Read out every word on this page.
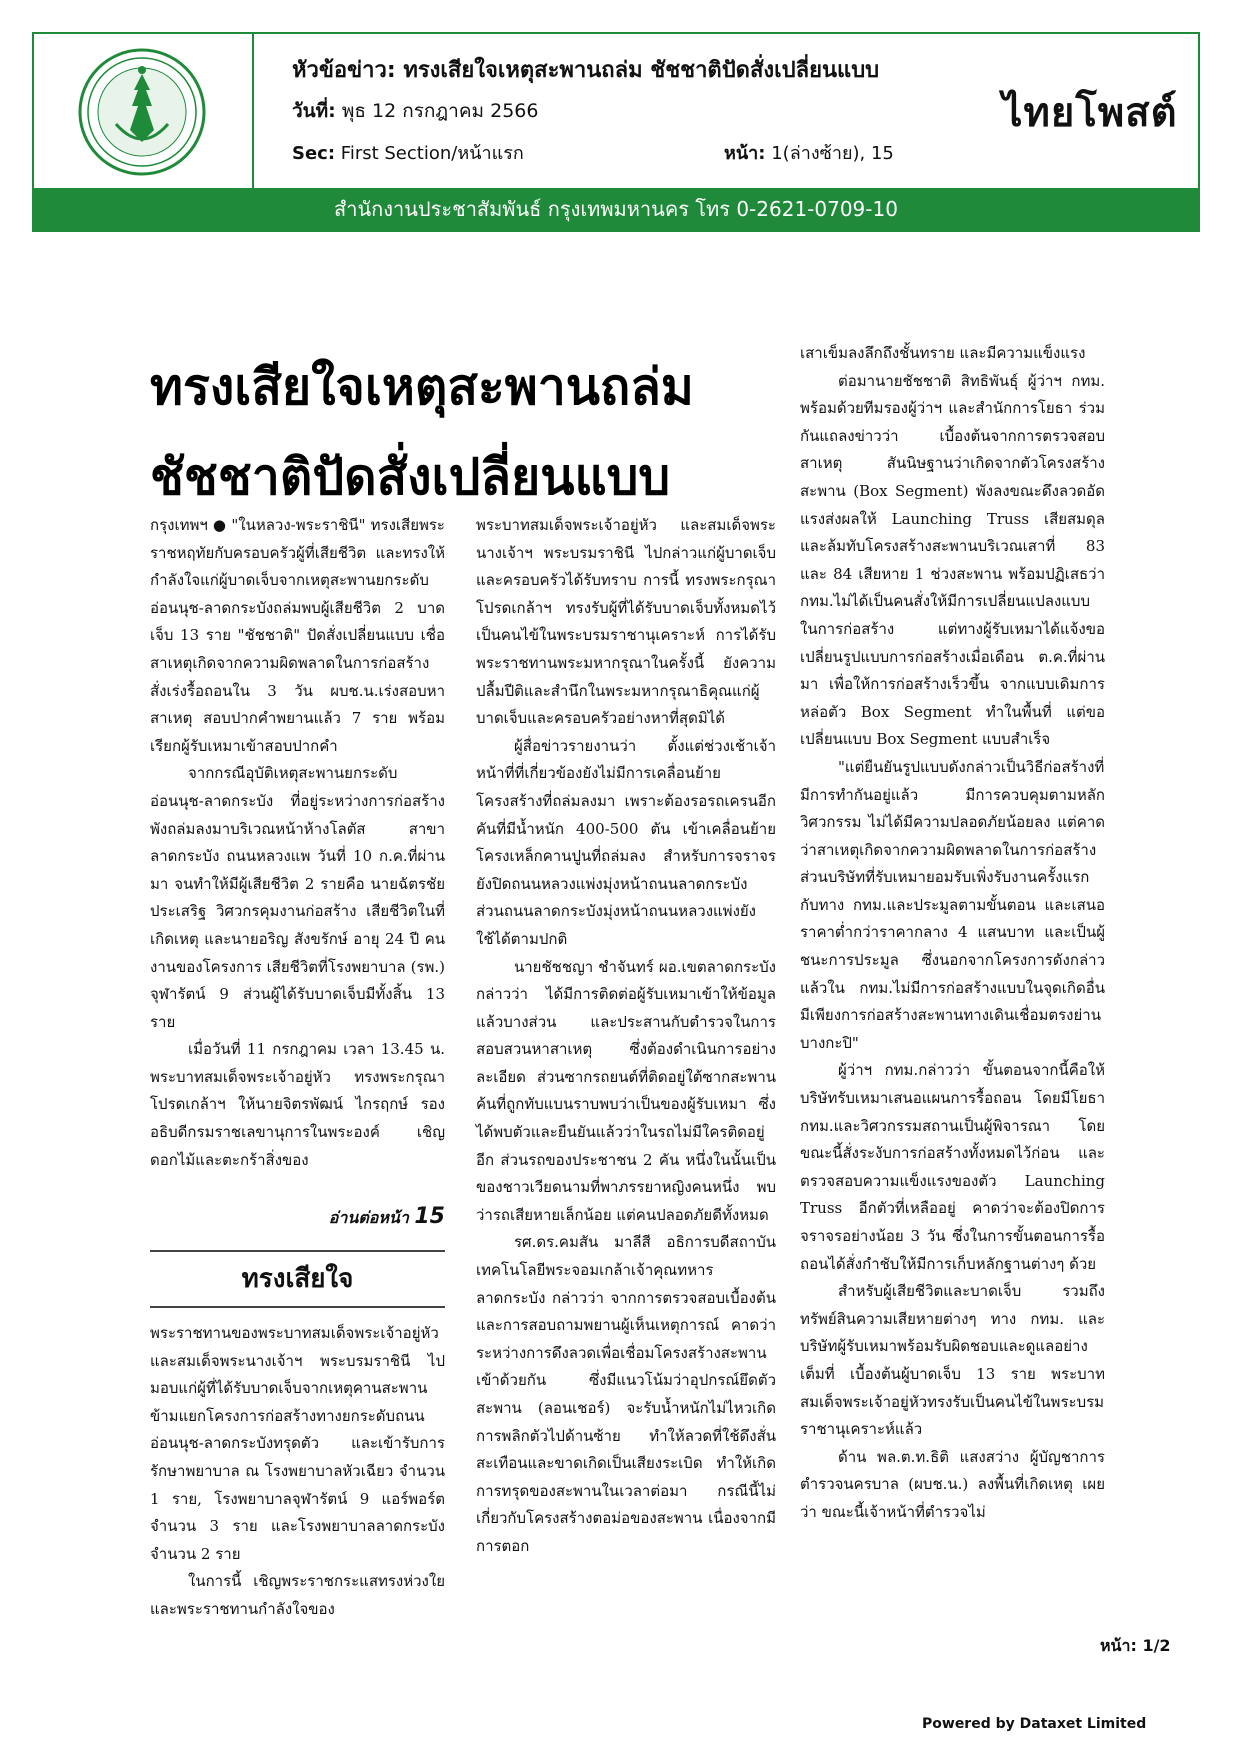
หัวข้อข่าว: ทรงเสียใจเหตุสะพานถล่ม ชัชชาติปัดสั่งเปลี่ยนแบบ
วันที่: พุธ 12 กรกฎาคม 2566
Sec: First Section/หน้าแรก	หน้า: 1(ล่างซ้าย), 15
ไทยโพสต์
สำนักงานประชาสัมพันธ์ กรุงเทพมหานคร โทร 0-2621-0709-10
ทรงเสียใจเหตุสะพานถล่ม
ชัชชาติปัดสั่งเปลี่ยนแบบ

กรุงเทพฯ ● "ในหลวง-พระราชินี" ทรงเสียพระราชหฤทัยกับครอบครัวผู้ที่เสียชีวิต และทรงให้กำลังใจแก่ผู้บาดเจ็บจากเหตุสะพานยกระดับอ่อนนุช-ลาดกระบังถล่มพบผู้เสียชีวิต 2 บาดเจ็บ 13 ราย "ชัชชาติ" ปัดสั่งเปลี่ยนแบบ เชื่อสาเหตุเกิดจากความผิดพลาดในการก่อสร้าง สั่งเร่งรื้อถอนใน 3 วัน ผบช.น.เร่งสอบหาสาเหตุ สอบปากคำพยานแล้ว 7 ราย พร้อมเรียกผู้รับเหมาเข้าสอบปากคำ

จากกรณีอุบัติเหตุสะพานยกระดับอ่อนนุช-ลาดกระบัง ที่อยู่ระหว่างการก่อสร้างพังถล่มลงมาบริเวณหน้าห้างโลตัส สาขาลาดกระบัง ถนนหลวงแพ วันที่ 10 ก.ค.ที่ผ่านมา จนทำให้มีผู้เสียชีวิต 2 รายคือ นายฉัตรชัย ประเสริฐ วิศวกรคุมงานก่อสร้าง เสียชีวิตในที่เกิดเหตุ และนายอริญ สังขรักษ์ อายุ 24 ปี คนงานของโครงการ เสียชีวิตที่โรงพยาบาล (รพ.) จุฬารัตน์ 9 ส่วนผู้ได้รับบาดเจ็บมีทั้งสิ้น 13 ราย

เมื่อวันที่ 11 กรกฎาคม เวลา 13.45 น. พระบาทสมเด็จพระเจ้าอยู่หัว ทรงพระกรุณาโปรดเกล้าฯ ให้นายจิตรพัฒน์ ไกรฤกษ์ รองอธิบดีกรมราชเลขานุการในพระองค์ เชิญดอกไม้และตะกร้าสิ่งของ

อ่านต่อหน้า 15
ทรงเสียใจ

พระราชทานของพระบาทสมเด็จพระเจ้าอยู่หัว และสมเด็จพระนางเจ้าฯ พระบรมราชินี ไปมอบแก่ผู้ที่ได้รับบาดเจ็บจากเหตุคานสะพานข้ามแยกโครงการก่อสร้างทางยกระดับถนนอ่อนนุช-ลาดกระบังทรุดตัว และเข้ารับการรักษาพยาบาล ณ โรงพยาบาลหัวเฉียว จำนวน 1 ราย, โรงพยาบาลจุฬารัตน์ 9 แอร์พอร์ต จำนวน 3 ราย และโรงพยาบาลลาดกระบัง จำนวน 2 ราย

ในการนี้ เชิญพระราชกระแสทรงห่วงใย และพระราชทานกำลังใจของ

พระบาทสมเด็จพระเจ้าอยู่หัว และสมเด็จพระนางเจ้าฯ พระบรมราชินี ไปกล่าวแก่ผู้บาดเจ็บและครอบครัวได้รับทราบ การนี้ ทรงพระกรุณาโปรดเกล้าฯ ทรงรับผู้ที่ได้รับบาดเจ็บทั้งหมดไว้เป็นคนไข้ในพระบรมราชานุเคราะห์ การได้รับพระราชทานพระมหากรุณาในครั้งนี้ ยังความปลื้มปีติและสำนึกในพระมหากรุณาธิคุณแก่ผู้บาดเจ็บและครอบครัวอย่างหาที่สุดมิได้

ผู้สื่อข่าวรายงานว่า ตั้งแต่ช่วงเช้าเจ้าหน้าที่ที่เกี่ยวข้องยังไม่มีการเคลื่อนย้ายโครงสร้างที่ถล่มลงมา เพราะต้องรอรถเครนอีกคันที่มีน้ำหนัก 400-500 ตัน เข้าเคลื่อนย้ายโครงเหล็กคานปูนที่ถล่มลง สำหรับการจราจรยังปิดถนนหลวงแพ่งมุ่งหน้าถนนลาดกระบัง ส่วนถนนลาดกระบังมุ่งหน้าถนนหลวงแพ่งยังใช้ได้ตามปกติ

นายชัชชญา ชำจันทร์ ผอ.เขตลาดกระบัง กล่าวว่า ได้มีการติดต่อผู้รับเหมาเข้าให้ข้อมูลแล้วบางส่วน และประสานกับตำรวจในการสอบสวนหาสาเหตุ ซึ่งต้องดำเนินการอย่างละเอียด ส่วนซากรถยนต์ที่ติดอยู่ใต้ซากสะพาน ค้นที่ถูกทับแบนราบพบว่าเป็นของผู้รับเหมา ซึ่งได้พบตัวและยืนยันแล้วว่าในรถไม่มีใครติดอยู่อีก ส่วนรถของประชาชน 2 คัน หนึ่งในนั้นเป็นของชาวเวียดนามที่พาภรรยาหญิงคนหนึ่ง พบว่ารถเสียหายเล็กน้อย แต่คนปลอดภัยดีทั้งหมด

รศ.ดร.คมสัน มาลีสี อธิการบดีสถาบันเทคโนโลยีพระจอมเกล้าเจ้าคุณทหารลาดกระบัง กล่าวว่า จากการตรวจสอบเบื้องต้น และการสอบถามพยานผู้เห็นเหตุการณ์ คาดว่าระหว่างการดึงลวดเพื่อเชื่อมโครงสร้างสะพานเข้าด้วยกัน ซึ่งมีแนวโน้มว่าอุปกรณ์ยึดตัวสะพาน (ลอนเชอร์) จะรับน้ำหนักไม่ไหวเกิดการพลิกตัวไปด้านซ้าย ทำให้ลวดที่ใช้ดึงสั่นสะเทือนและขาดเกิดเป็นเสียงระเบิด ทำให้เกิดการทรุดของสะพานในเวลาต่อมา กรณีนี้ไม่เกี่ยวกับโครงสร้างตอม่อของสะพาน เนื่องจากมีการตอก

เสาเข็มลงลึกถึงชั้นทราย และมีความแข็งแรง

ต่อมานายชัชชาติ สิทธิพันธุ์ ผู้ว่าฯ กทม. พร้อมด้วยทีมรองผู้ว่าฯ และสำนักการโยธา ร่วมกันแถลงข่าวว่า เบื้องต้นจากการตรวจสอบสาเหตุ สันนิษฐานว่าเกิดจากตัวโครงสร้างสะพาน (Box Segment) พังลงขณะดึงลวดอัดแรงส่งผลให้ Launching Truss เสียสมดุล และล้มทับโครงสร้างสะพานบริเวณเสาที่ 83 และ 84 เสียหาย 1 ช่วงสะพาน พร้อมปฏิเสธว่า กทม.ไม่ได้เป็นคนสั่งให้มีการเปลี่ยนแปลงแบบในการก่อสร้าง แต่ทางผู้รับเหมาได้แจ้งขอเปลี่ยนรูปแบบการก่อสร้างเมื่อเดือน ต.ค.ที่ผ่านมา เพื่อให้การก่อสร้างเร็วขึ้น จากแบบเดิมการหล่อตัว Box Segment ทำในพื้นที่ แต่ขอเปลี่ยนแบบ Box Segment แบบสำเร็จ

"แต่ยืนยันรูปแบบดังกล่าวเป็นวิธีก่อสร้างที่มีการทำกันอยู่แล้ว มีการควบคุมตามหลักวิศวกรรม ไม่ได้มีความปลอดภัยน้อยลง แต่คาดว่าสาเหตุเกิดจากความผิดพลาดในการก่อสร้าง ส่วนบริษัทที่รับเหมายอมรับเพิ่งรับงานครั้งแรกกับทาง กทม.และประมูลตามขั้นตอน และเสนอราคาต่ำกว่าราคากลาง 4 แสนบาท และเป็นผู้ชนะการประมูล ซึ่งนอกจากโครงการดังกล่าวแล้วใน กทม.ไม่มีการก่อสร้างแบบในจุดเกิดอื่น มีเพียงการก่อสร้างสะพานทางเดินเชื่อมตรงย่านบางกะปิ"

ผู้ว่าฯ กทม.กล่าวว่า ขั้นตอนจากนี้คือให้บริษัทรับเหมาเสนอแผนการรื้อถอน โดยมีโยธา กทม.และวิศวกรรมสถานเป็นผู้พิจารณา โดยขณะนี้สั่งระงับการก่อสร้างทั้งหมดไว้ก่อน และตรวจสอบความแข็งแรงของตัว Launching Truss อีกตัวที่เหลืออยู่ คาดว่าจะต้องปิดการจราจรอย่างน้อย 3 วัน ซึ่งในการขั้นตอนการรื้อถอนได้สั่งกำชับให้มีการเก็บหลักฐานต่างๆ ด้วย

สำหรับผู้เสียชีวิตและบาดเจ็บ รวมถึงทรัพย์สินความเสียหายต่างๆ ทาง กทม. และบริษัทผู้รับเหมาพร้อมรับผิดชอบและดูแลอย่างเต็มที่ เบื้องต้นผู้บาดเจ็บ 13 ราย พระบาทสมเด็จพระเจ้าอยู่หัวทรงรับเป็นคนไข้ในพระบรมราชานุเคราะห์แล้ว

ด้าน พล.ต.ท.ธิติ แสงสว่าง ผู้บัญชาการตำรวจนครบาล (ผบช.น.) ลงพื้นที่เกิดเหตุ เผยว่า ขณะนี้เจ้าหน้าที่ตำรวจไม่

หน้า: 1/2
Powered by Dataxet Limited
